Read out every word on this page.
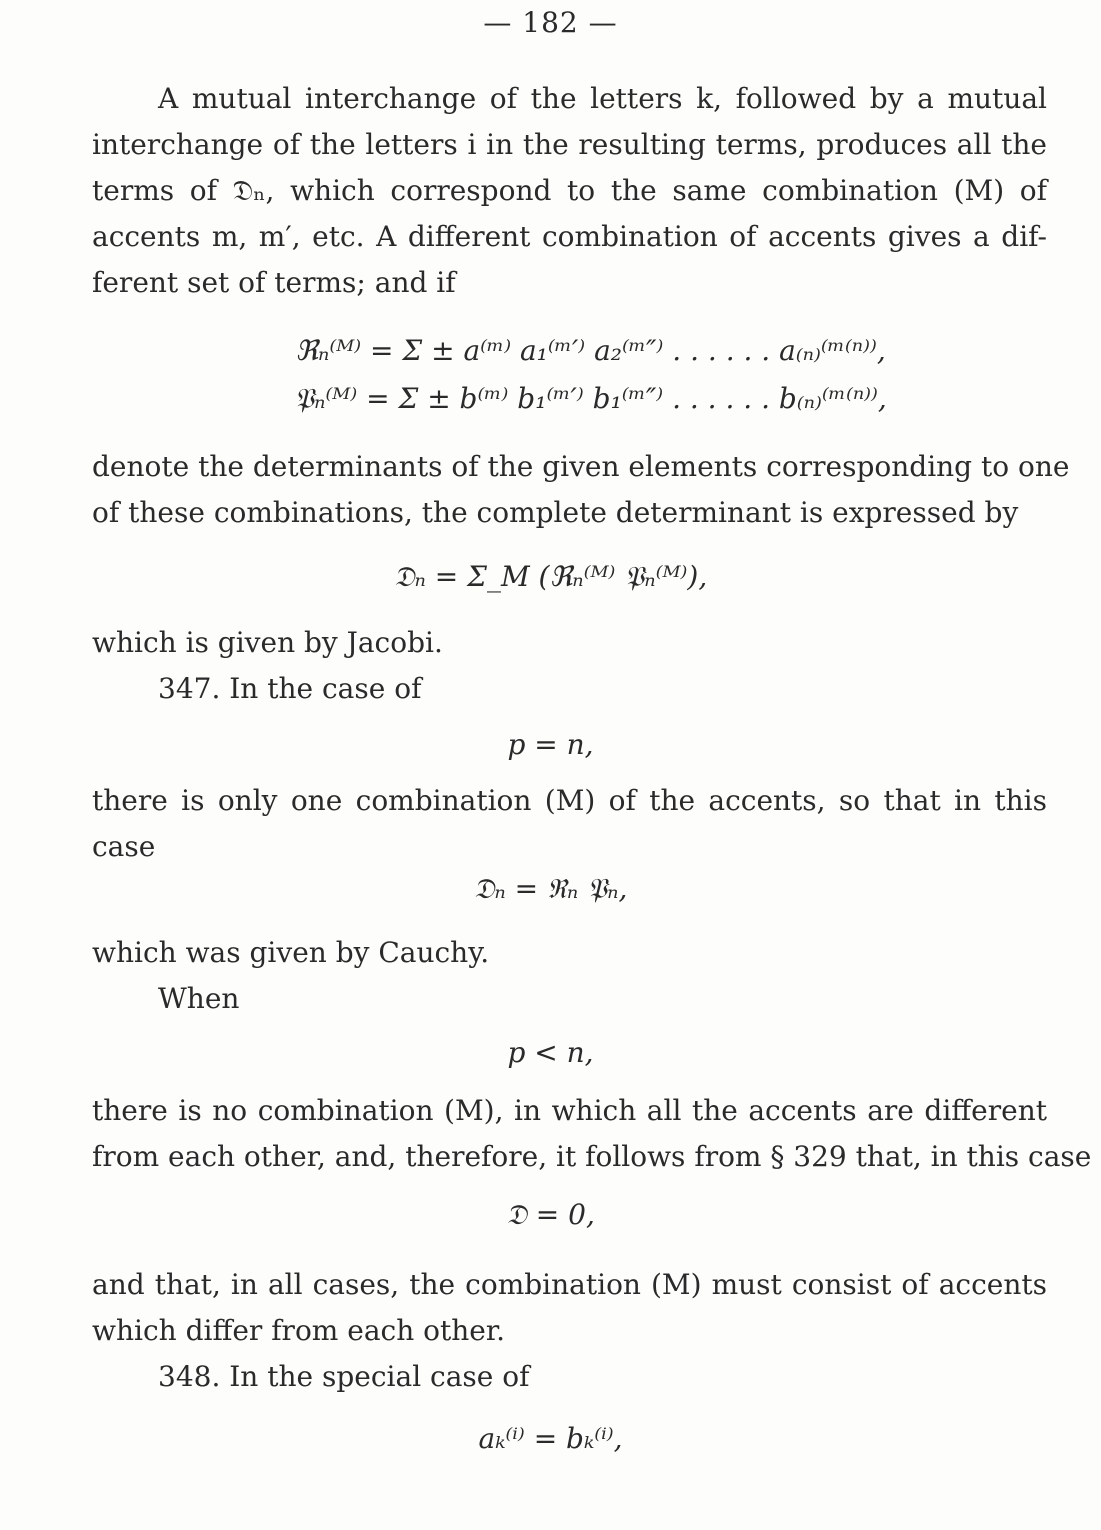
— 182 —
A mutual interchange of the letters k, followed by a mutual
interchange of the letters i in the resulting terms, produces all the
terms of 𝔇ₙ, which correspond to the same combination (M) of
accents m, m′, etc. A different combination of accents gives a dif-
ferent set of terms; and if
ℜₙ⁽ᴹ⁾ = Σ ± a⁽ᵐ⁾ a₁⁽ᵐ′⁾ a₂⁽ᵐ″⁾ . . . . . . a₍ₙ₎⁽ᵐ⁽ⁿ⁾⁾,
𝔓ₙ⁽ᴹ⁾ = Σ ± b⁽ᵐ⁾ b₁⁽ᵐ′⁾ b₁⁽ᵐ″⁾ . . . . . . b₍ₙ₎⁽ᵐ⁽ⁿ⁾⁾,
denote the determinants of the given elements corresponding to one
of these combinations, the complete determinant is expressed by
𝔇ₙ = Σ_M (ℜₙ⁽ᴹ⁾ 𝔓ₙ⁽ᴹ⁾),
which is given by Jacobi.
347. In the case of
p = n,
there is only one combination (M) of the accents, so that in this
case
𝔇ₙ = ℜₙ 𝔓ₙ,
which was given by Cauchy.
When
p < n,
there is no combination (M), in which all the accents are different
from each other, and, therefore, it follows from § 329 that, in this case
𝔇 = 0,
and that, in all cases, the combination (M) must consist of accents
which differ from each other.
348. In the special case of
aₖ⁽ⁱ⁾ = bₖ⁽ⁱ⁾,
